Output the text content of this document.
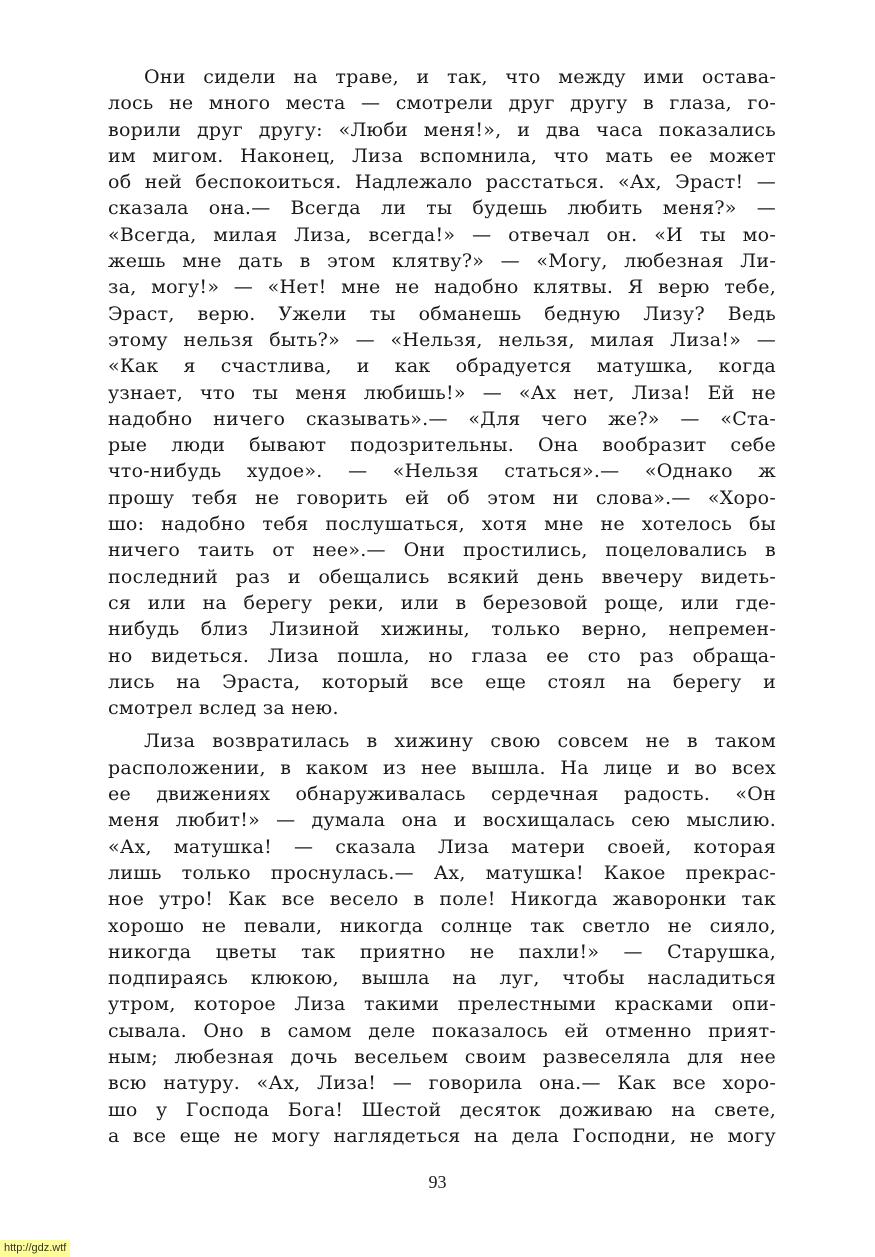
Они сидели на траве, и так, что между ими остава-
лось не много места — смотрели друг другу в глаза, го-
ворили друг другу: «Люби меня!», и два часа показались
им мигом. Наконец, Лиза вспомнила, что мать ее может
об ней беспокоиться. Надлежало расстаться. «Ах, Эраст! —
сказала она.— Всегда ли ты будешь любить меня?» —
«Всегда, милая Лиза, всегда!» — отвечал он. «И ты мо-
жешь мне дать в этом клятву?» — «Могу, любезная Ли-
за, могу!» — «Нет! мне не надобно клятвы. Я верю тебе,
Эраст, верю. Ужели ты обманешь бедную Лизу? Ведь
этому нельзя быть?» — «Нельзя, нельзя, милая Лиза!» —
«Как я счастлива, и как обрадуется матушка, когда
узнает, что ты меня любишь!» — «Ах нет, Лиза! Ей не
надобно ничего сказывать».— «Для чего же?» — «Ста-
рые люди бывают подозрительны. Она вообразит себе
что-нибудь худое». — «Нельзя статься».— «Однако ж
прошу тебя не говорить ей об этом ни слова».— «Хоро-
шо: надобно тебя послушаться, хотя мне не хотелось бы
ничего таить от нее».— Они простились, поцеловались в
последний раз и обещались всякий день ввечеру видеть-
ся или на берегу реки, или в березовой роще, или где-
нибудь близ Лизиной хижины, только верно, непремен-
но видеться. Лиза пошла, но глаза ее сто раз обраща-
лись на Эраста, который все еще стоял на берегу и
смотрел вслед за нею.
Лиза возвратилась в хижину свою совсем не в таком
расположении, в каком из нее вышла. На лице и во всех
ее движениях обнаруживалась сердечная радость. «Он
меня любит!» — думала она и восхищалась сею мыслию.
«Ах, матушка! — сказала Лиза матери своей, которая
лишь только проснулась.— Ах, матушка! Какое прекрас-
ное утро! Как все весело в поле! Никогда жаворонки так
хорошо не певали, никогда солнце так светло не сияло,
никогда цветы так приятно не пахли!» — Старушка,
подпираясь клюкою, вышла на луг, чтобы насладиться
утром, которое Лиза такими прелестными красками опи-
сывала. Оно в самом деле показалось ей отменно прият-
ным; любезная дочь весельем своим развеселяла для нее
всю натуру. «Ах, Лиза! — говорила она.— Как все хоро-
шо у Господа Бога! Шестой десяток доживаю на свете,
а все еще не могу наглядеться на дела Господни, не могу
93
http://gdz.wtf
